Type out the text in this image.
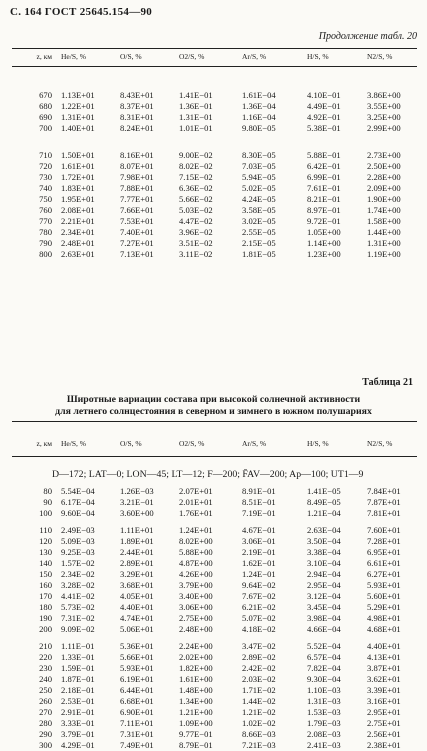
С. 164 ГОСТ 25645.154—90
Продолжение табл. 20
z, км He/S, %	O/S, %	O2/S, %	Ar/S, %	H/S, %	N2/S, %
670 1.13E+01	8.43E+01	1.41E−01	1.61E−04	4.10E−01	3.86E+00
680 1.22E+01	8.37E+01	1.36E−01	1.36E−04	4.49E−01	3.55E+00
690 1.31E+01	8.31E+01	1.31E−01	1.16E−04	4.92E−01	3.25E+00
700 1.40E+01	8.24E+01	1.01E−01	9.80E−05	5.38E−01	2.99E+00
710 1.50E+01	8.16E+01	9.00E−02	8.30E−05	5.88E−01	2.73E+00
720 1.61E+01	8.07E+01	8.02E−02	7.03E−05	6.42E−01	2.50E+00
730 1.72E+01	7.98E+01	7.15E−02	5.94E−05	6.99E−01	2.28E+00
740 1.83E+01	7.88E+01	6.36E−02	5.02E−05	7.61E−01	2.09E+00
750 1.95E+01	7.77E+01	5.66E−02	4.24E−05	8.21E−01	1.90E+00
760 2.08E+01	7.66E+01	5.03E−02	3.58E−05	8.97E−01	1.74E+00
770 2.21E+01	7.53E+01	4.47E−02	3.02E−05	9.72E−01	1.58E+00
780 2.34E+01	7.40E+01	3.96E−02	2.55E−05	1.05E+00	1.44E+00
790 2.48E+01	7.27E+01	3.51E−02	2.15E−05	1.14E+00	1.31E+00
800 2.63E+01	7.13E+01	3.11E−02	1.81E−05	1.23E+00	1.19E+00
Таблица 21
Широтные вариации состава при высокой солнечной активности
для летнего солнцестояния в северном и зимнего в южном полушариях
z, км He/S, %	O/S, %	O2/S, %	Ar/S, %	H/S, %	N2/S, %
D—172; LAT—0; LON—45; LT—12; F—200; F̄AV—200; Ap—100; UT1—9
80 5.54E−04	1.26E−03	2.07E+01	8.91E−01	1.41E−05	7.84E+01
90 6.17E−04	3.21E−01	2.01E+01	8.51E−01	8.49E−05	7.87E+01
100 9.60E−04	3.60E+00	1.76E+01	7.19E−01	1.21E−04	7.81E+01
110 2.49E−03	1.11E+01	1.24E+01	4.67E−01	2.63E−04	7.60E+01
120 5.09E−03	1.89E+01	8.02E+00	3.06E−01	3.50E−04	7.28E+01
130 9.25E−03	2.44E+01	5.88E+00	2.19E−01	3.38E−04	6.95E+01
140 1.57E−02	2.89E+01	4.87E+00	1.62E−01	3.10E−04	6.61E+01
150 2.34E−02	3.29E+01	4.26E+00	1.24E−01	2.94E−04	6.27E+01
160 3.28E−02	3.68E+01	3.79E+00	9.64E−02	2.95E−04	5.93E+01
170 4.41E−02	4.05E+01	3.40E+00	7.67E−02	3.12E−04	5.60E+01
180 5.73E−02	4.40E+01	3.06E+00	6.21E−02	3.45E−04	5.29E+01
190 7.31E−02	4.74E+01	2.75E+00	5.07E−02	3.98E−04	4.98E+01
200 9.09E−02	5.06E+01	2.48E+00	4.18E−02	4.66E−04	4.68E+01
210 1.11E−01	5.36E+01	2.24E+00	3.47E−02	5.52E−04	4.40E+01
220 1.33E−01	5.66E+01	2.02E+00	2.89E−02	6.57E−04	4.13E+01
230 1.59E−01	5.93E+01	1.82E+00	2.42E−02	7.82E−04	3.87E+01
240 1.87E−01	6.19E+01	1.61E+00	2.03E−02	9.30E−04	3.62E+01
250 2.18E−01	6.44E+01	1.48E+00	1.71E−02	1.10E−03	3.39E+01
260 2.53E−01	6.68E+01	1.34E+00	1.44E−02	1.31E−03	3.16E+01
270 2.91E−01	6.90E+01	1.21E+00	1.21E−02	1.53E−03	2.95E+01
280 3.33E−01	7.11E+01	1.09E+00	1.02E−02	1.79E−03	2.75E+01
290 3.79E−01	7.31E+01	9.77E−01	8.66E−03	2.08E−03	2.56E+01
300 4.29E−01	7.49E+01	8.79E−01	7.21E−03	2.41E−03	2.38E+01
